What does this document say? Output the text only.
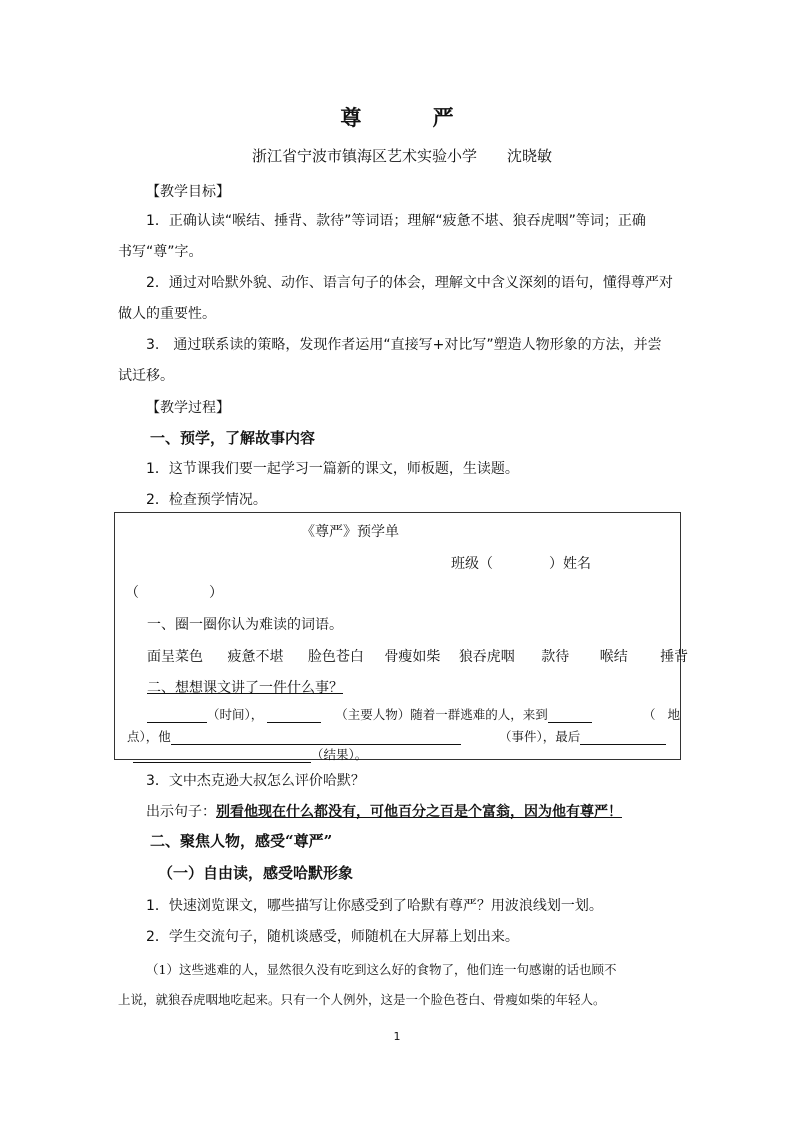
尊 严
浙江省宁波市镇海区艺术实验小学　　沈晓敏
【教学目标】
1．正确认读“喉结、捶背、款待”等词语；理解“疲惫不堪、狼吞虎咽”等词；正确
书写“尊”字。
2．通过对哈默外貌、动作、语言句子的体会，理解文中含义深刻的语句，懂得尊严对
做人的重要性。
3.　通过联系读的策略，发现作者运用“直接写+对比写”塑造人物形象的方法，并尝
试迁移。
【教学过程】
一、预学，了解故事内容
1．这节课我们要一起学习一篇新的课文，师板题，生读题。
2．检查预学情况。
《尊严》预学单
班级（　　　　）姓名
（　　　　　）
一、圈一圈你认为难读的词语。
面呈菜色 疲惫不堪 脸色苍白 骨瘦如柴 狼吞虎咽 款待 喉结 捶背
二、想想课文讲了一件什么事？
（时间），	（主要人物）随着一群逃难的人，来到	（地
点），他	（事件），最后
（结果）。
3．文中杰克逊大叔怎么评价哈默？
出示句子：别看他现在什么都没有，可他百分之百是个富翁，因为他有尊严！
二、聚焦人物，感受“尊严”
（一）自由读，感受哈默形象
1．快速浏览课文，哪些描写让你感受到了哈默有尊严？用波浪线划一划。
2．学生交流句子，随机谈感受，师随机在大屏幕上划出来。
（1）这些逃难的人，显然很久没有吃到这么好的食物了，他们连一句感谢的话也顾不
上说，就狼吞虎咽地吃起来。只有一个人例外，这是一个脸色苍白、骨瘦如柴的年轻人。
1
